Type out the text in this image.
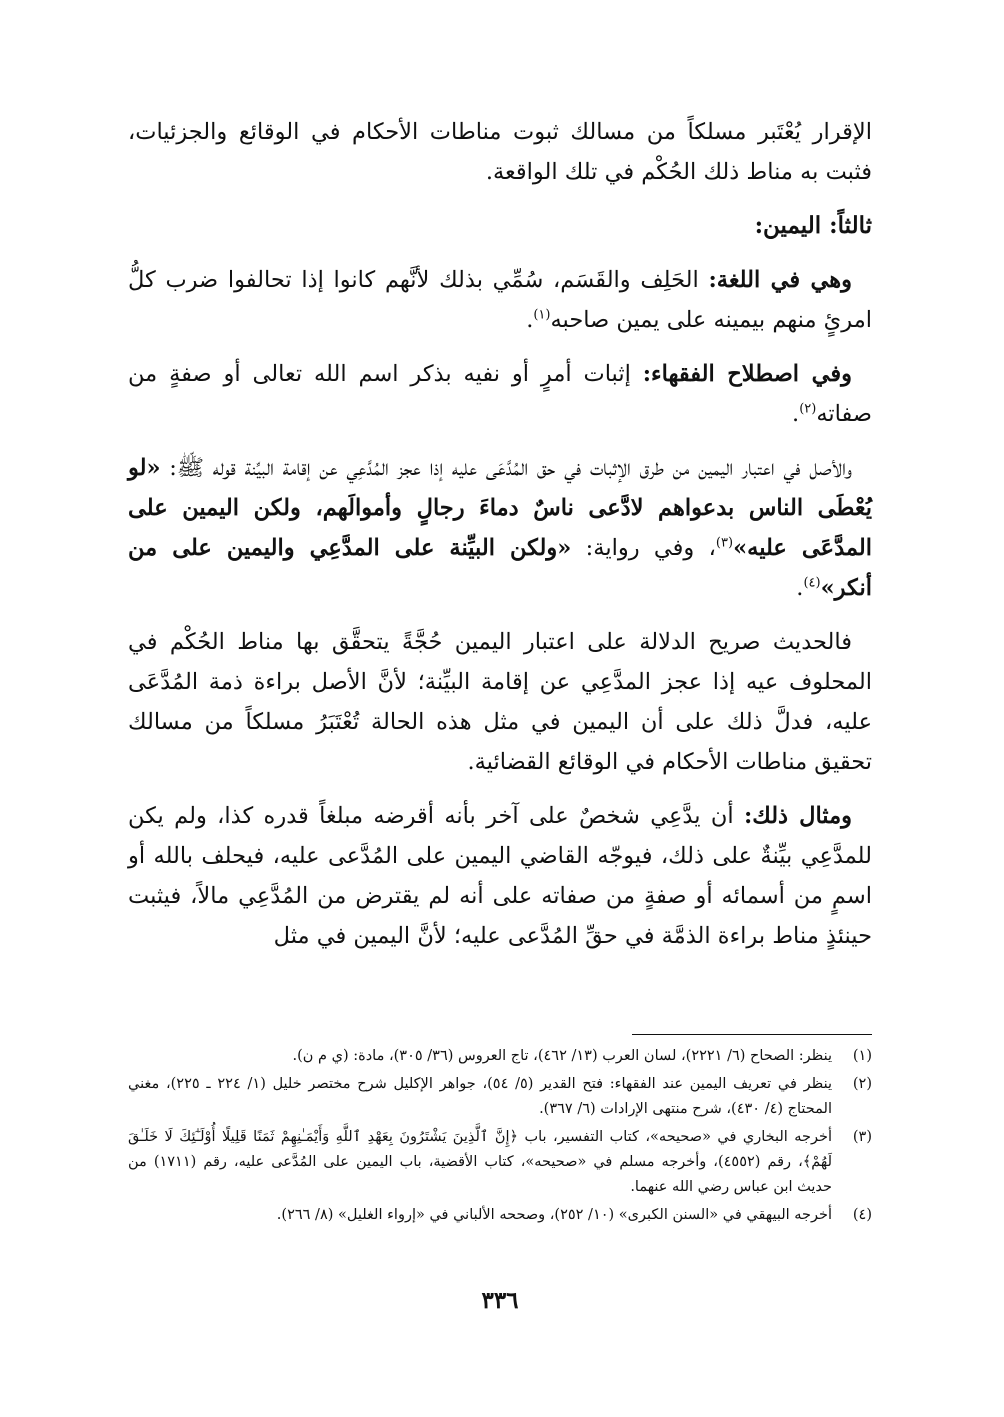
الإقرار يُعْتَبر مسلكاً من مسالك ثبوت مناطات الأحكام في الوقائع والجزئيات، فثبت به مناط ذلك الحُكْم في تلك الواقعة.

ثالثاً: اليمين:

وهي في اللغة: الحَلِف والقَسَم، سُمِّي بذلك لأنَّهم كانوا إذا تحالفوا ضرب كلُّ امرئٍ منهم بيمينه على يمين صاحبه$^{(١)}$.

وفي اصطلاح الفقهاء: إثبات أمرٍ أو نفيه بذكر اسم الله تعالى أو صفةٍ من صفاته$^{(٢)}$.

والأصل في اعتبار اليمين من طرق الإثبات في حق المُدَّعَى عليه إذا عجز المُدَّعِي عن إقامة البيِّنة قوله ﷺ: «لو يُعْطَى الناس بدعواهم لادَّعى ناسٌ دماءَ رجالٍ وأموالَهم، ولكن اليمين على المدَّعَى عليه»$^{(٣)}$، وفي رواية: «ولكن البيِّنة على المدَّعِي واليمين على من أنكر»$^{(٤)}$.

فالحديث صريح الدلالة على اعتبار اليمين حُجَّةً يتحقَّق بها مناط الحُكْم في المحلوف عيه إذا عجز المدَّعِي عن إقامة البيِّنة؛ لأنَّ الأصل براءة ذمة المُدَّعَى عليه، فدلَّ ذلك على أن اليمين في مثل هذه الحالة تُعْتَبَرُ مسلكاً من مسالك تحقيق مناطات الأحكام في الوقائع القضائية.

ومثال ذلك: أن يدَّعِي شخصٌ على آخر بأنه أقرضه مبلغاً قدره كذا، ولم يكن للمدَّعِي بيِّنةٌ على ذلك، فيوجّه القاضي اليمين على المُدَّعى عليه، فيحلف بالله أو اسمٍ من أسمائه أو صفةٍ من صفاته على أنه لم يقترض من المُدَّعِي مالاً، فيثبت حينئذٍ مناط براءة الذمَّة في حقِّ المُدَّعى عليه؛ لأنَّ اليمين في مثل

(١)
ينظر: الصحاح (٦/ ٢٢٢١)، لسان العرب (١٣/ ٤٦٢)، تاج العروس (٣٦/ ٣٠٥)، مادة: (ي م ن).
(٢)
ينظر في تعريف اليمين عند الفقهاء: فتح القدير (٥/ ٥٤)، جواهر الإكليل شرح مختصر خليل (١/ ٢٢٤ ـ ٢٢٥)، مغني المحتاج (٤/ ٤٣٠)، شرح منتهى الإرادات (٦/ ٣٦٧).
(٣)
أخرجه البخاري في «صحيحه»، كتاب التفسير، باب ﴿إِنَّ ٱلَّذِينَ يَشْتَرُونَ بِعَهْدِ ٱللَّهِ وَأَيْمَـٰنِهِمْ ثَمَنًا قَلِيلًا أُوْلَـٰٓئِكَ لَا خَلَـٰقَ لَهُمْ﴾، رقم (٤٥٥٢)، وأخرجه مسلم في «صحيحه»، كتاب الأقضية، باب اليمين على المُدَّعى عليه، رقم (١٧١١) من حديث ابن عباس رضي الله عنهما.
(٤)
أخرجه البيهقي في «السنن الكبرى» (١٠/ ٢٥٢)، وصححه الألباني في «إرواء الغليل» (٨/ ٢٦٦).
٣٣٦
